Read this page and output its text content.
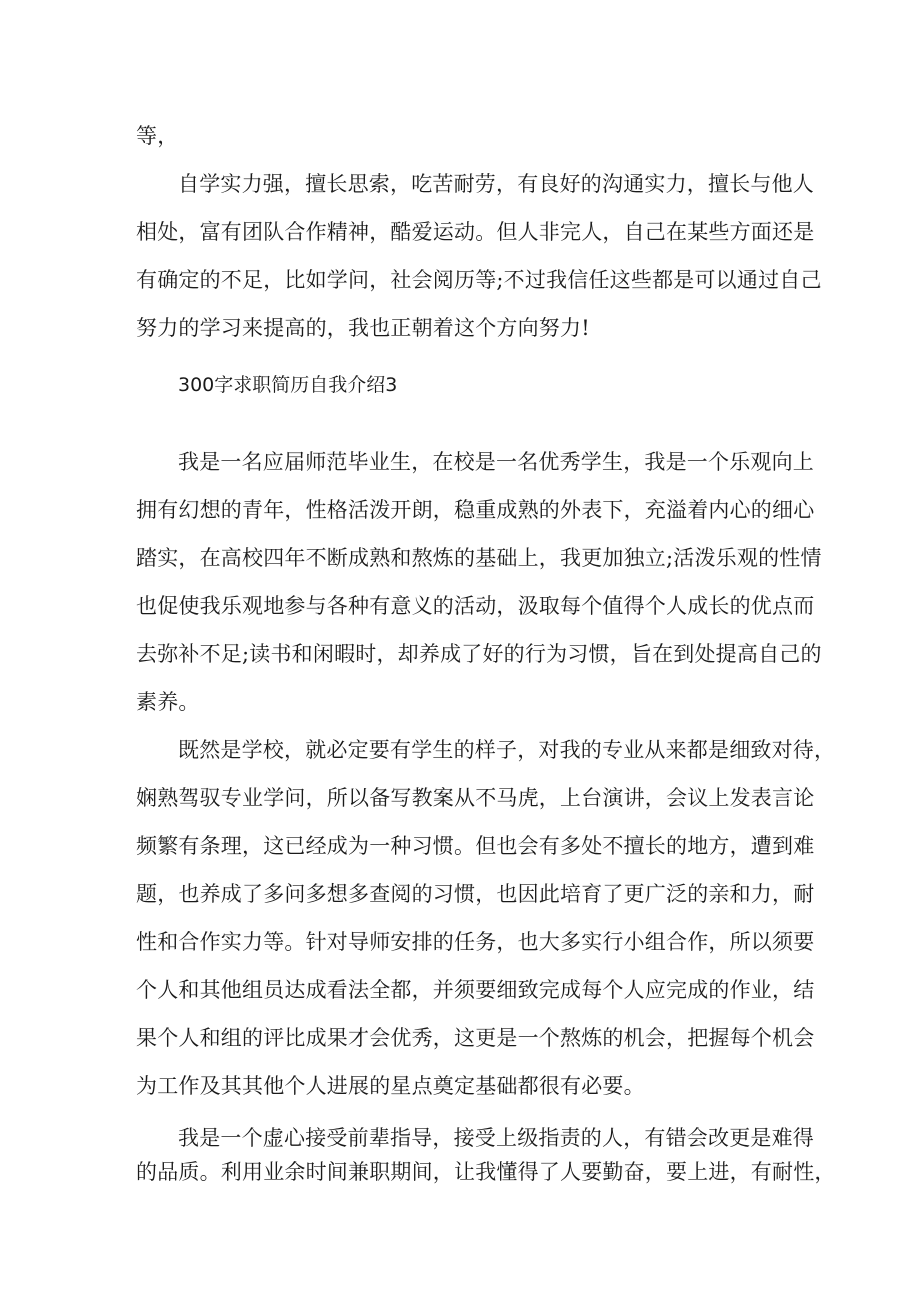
等，
自学实力强，擅长思索，吃苦耐劳，有良好的沟通实力，擅长与他人
相处，富有团队合作精神，酷爱运动。但人非完人，自己在某些方面还是
有确定的不足，比如学问，社会阅历等;不过我信任这些都是可以通过自己
努力的学习来提高的，我也正朝着这个方向努力!
300字求职简历自我介绍3
我是一名应届师范毕业生，在校是一名优秀学生，我是一个乐观向上
拥有幻想的青年，性格活泼开朗，稳重成熟的外表下，充溢着内心的细心
踏实，在高校四年不断成熟和熬炼的基础上，我更加独立;活泼乐观的性情
也促使我乐观地参与各种有意义的活动，汲取每个值得个人成长的优点而
去弥补不足;读书和闲暇时，却养成了好的行为习惯，旨在到处提高自己的
素养。
既然是学校，就必定要有学生的样子，对我的专业从来都是细致对待，
娴熟驾驭专业学问，所以备写教案从不马虎，上台演讲，会议上发表言论
频繁有条理，这已经成为一种习惯。但也会有多处不擅长的地方，遭到难
题，也养成了多问多想多查阅的习惯，也因此培育了更广泛的亲和力，耐
性和合作实力等。针对导师安排的任务，也大多实行小组合作，所以须要
个人和其他组员达成看法全都，并须要细致完成每个人应完成的作业，结
果个人和组的评比成果才会优秀，这更是一个熬炼的机会，把握每个机会
为工作及其其他个人进展的星点奠定基础都很有必要。
我是一个虚心接受前辈指导，接受上级指责的人，有错会改更是难得
的品质。利用业余时间兼职期间，让我懂得了人要勤奋，要上进，有耐性，
